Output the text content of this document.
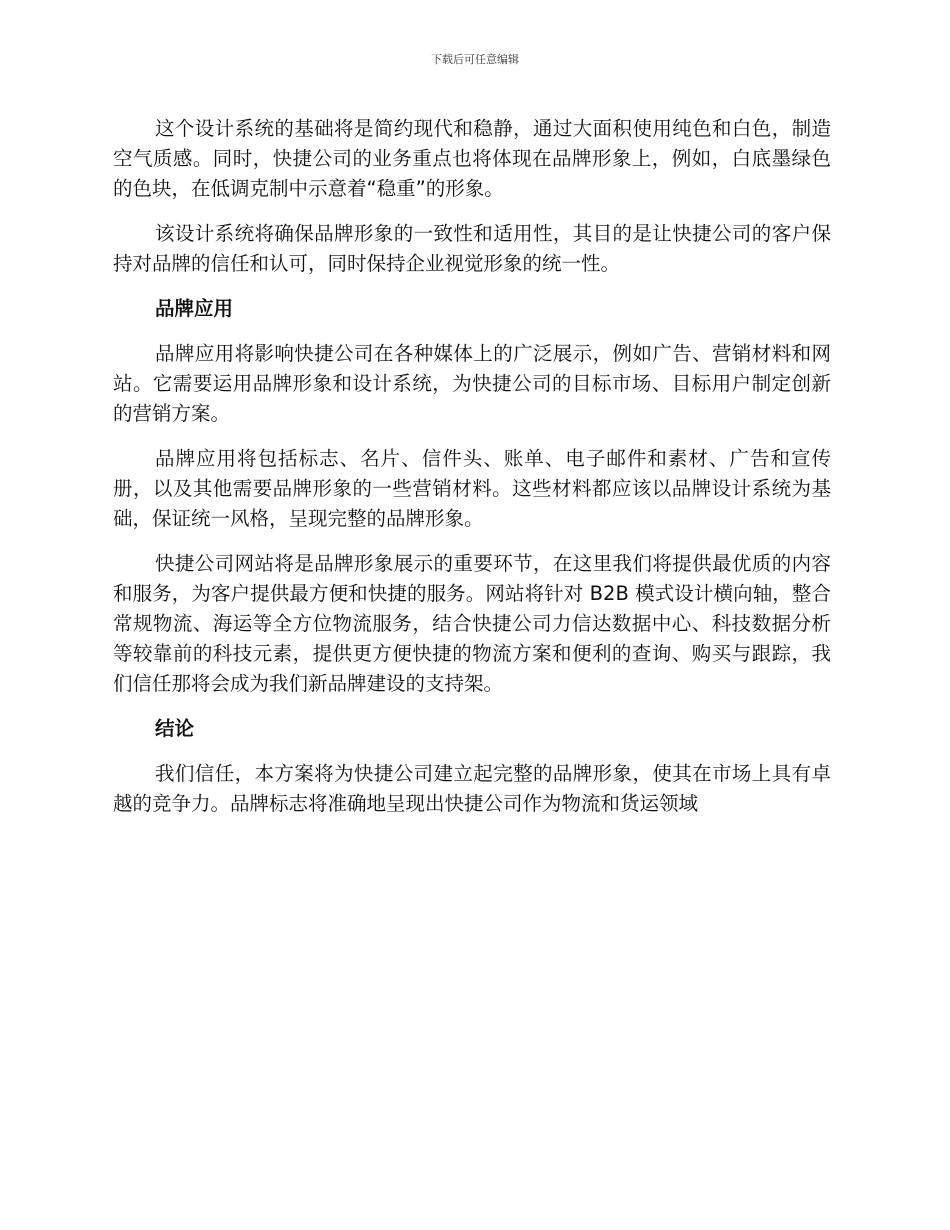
下载后可任意编辑

这个设计系统的基础将是简约现代和稳静，通过大面积使用纯色和白色，制造空气质感。同时，快捷公司的业务重点也将体现在品牌形象上，例如，白底墨绿色的色块，在低调克制中示意着“稳重”的形象。

该设计系统将确保品牌形象的一致性和适用性，其目的是让快捷公司的客户保持对品牌的信任和认可，同时保持企业视觉形象的统一性。

品牌应用

品牌应用将影响快捷公司在各种媒体上的广泛展示，例如广告、营销材料和网站。它需要运用品牌形象和设计系统，为快捷公司的目标市场、目标用户制定创新的营销方案。

品牌应用将包括标志、名片、信件头、账单、电子邮件和素材、广告和宣传册，以及其他需要品牌形象的一些营销材料。这些材料都应该以品牌设计系统为基础，保证统一风格，呈现完整的品牌形象。

快捷公司网站将是品牌形象展示的重要环节，在这里我们将提供最优质的内容和服务，为客户提供最方便和快捷的服务。网站将针对 B2B 模式设计横向轴，整合常规物流、海运等全方位物流服务，结合快捷公司力信达数据中心、科技数据分析等较靠前的科技元素，提供更方便快捷的物流方案和便利的查询、购买与跟踪，我们信任那将会成为我们新品牌建设的支持架。

结论

我们信任，本方案将为快捷公司建立起完整的品牌形象，使其在市场上具有卓越的竞争力。品牌标志将准确地呈现出快捷公司作为物流和货运领域
